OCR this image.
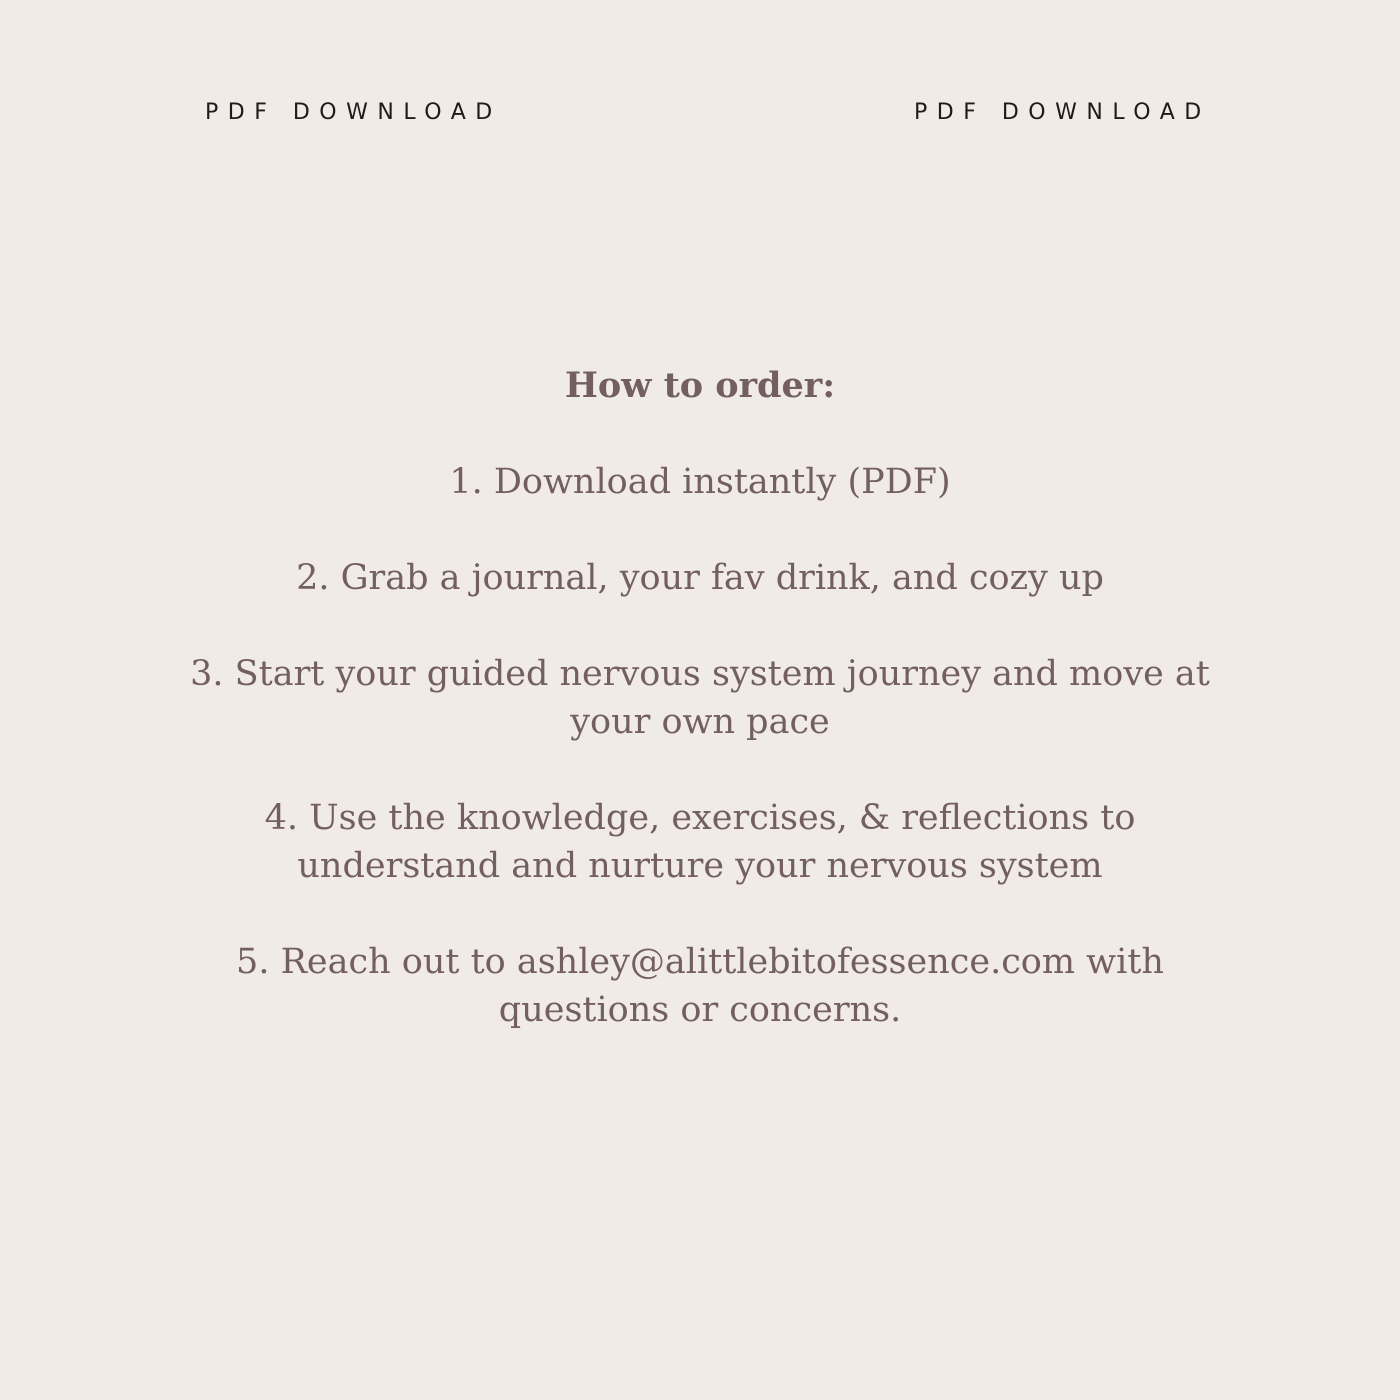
PDF DOWNLOAD	PDF DOWNLOAD
How to order:
1. Download instantly (PDF)
2. Grab a journal, your fav drink, and cozy up
3. Start your guided nervous system journey and move at your own pace
4. Use the knowledge, exercises, & reflections to understand and nurture your nervous system
5. Reach out to ashley@alittlebitofessence.com with questions or concerns.
